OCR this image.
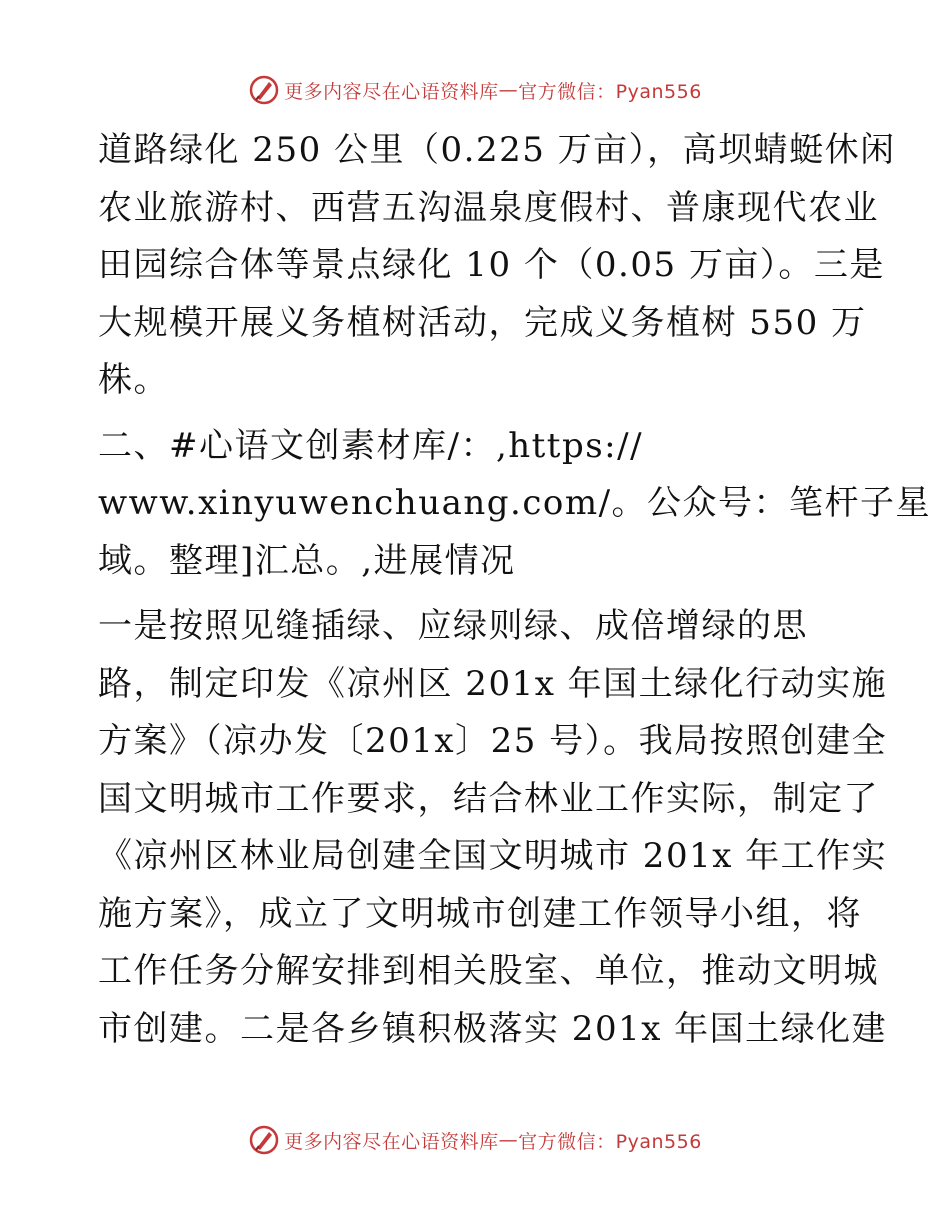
更多内容尽在心语资料库 — 官方微信：Pyan556
道路绿化 250 公里（0.225 万亩），高坝蜻蜓休闲
农业旅游村、西营五沟温泉度假村、普康现代农业
田园综合体等景点绿化 10 个（0.05 万亩）。三是
大规模开展义务植树活动，完成义务植树 550 万
株。
二、#心语文创素材库/：,https://
www.xinyuwenchuang.com/。公众号：笔杆子星
域。整理]汇总。,进展情况
一是按照见缝插绿、应绿则绿、成倍增绿的思
路，制定印发《凉州区 201x 年国土绿化行动实施
方案》（凉办发〔201x〕25 号）。我局按照创建全
国文明城市工作要求，结合林业工作实际，制定了
《凉州区林业局创建全国文明城市 201x 年工作实
施方案》，成立了文明城市创建工作领导小组，将
工作任务分解安排到相关股室、单位，推动文明城
市创建。二是各乡镇积极落实 201x 年国土绿化建
更多内容尽在心语资料库 — 官方微信：Pyan556
